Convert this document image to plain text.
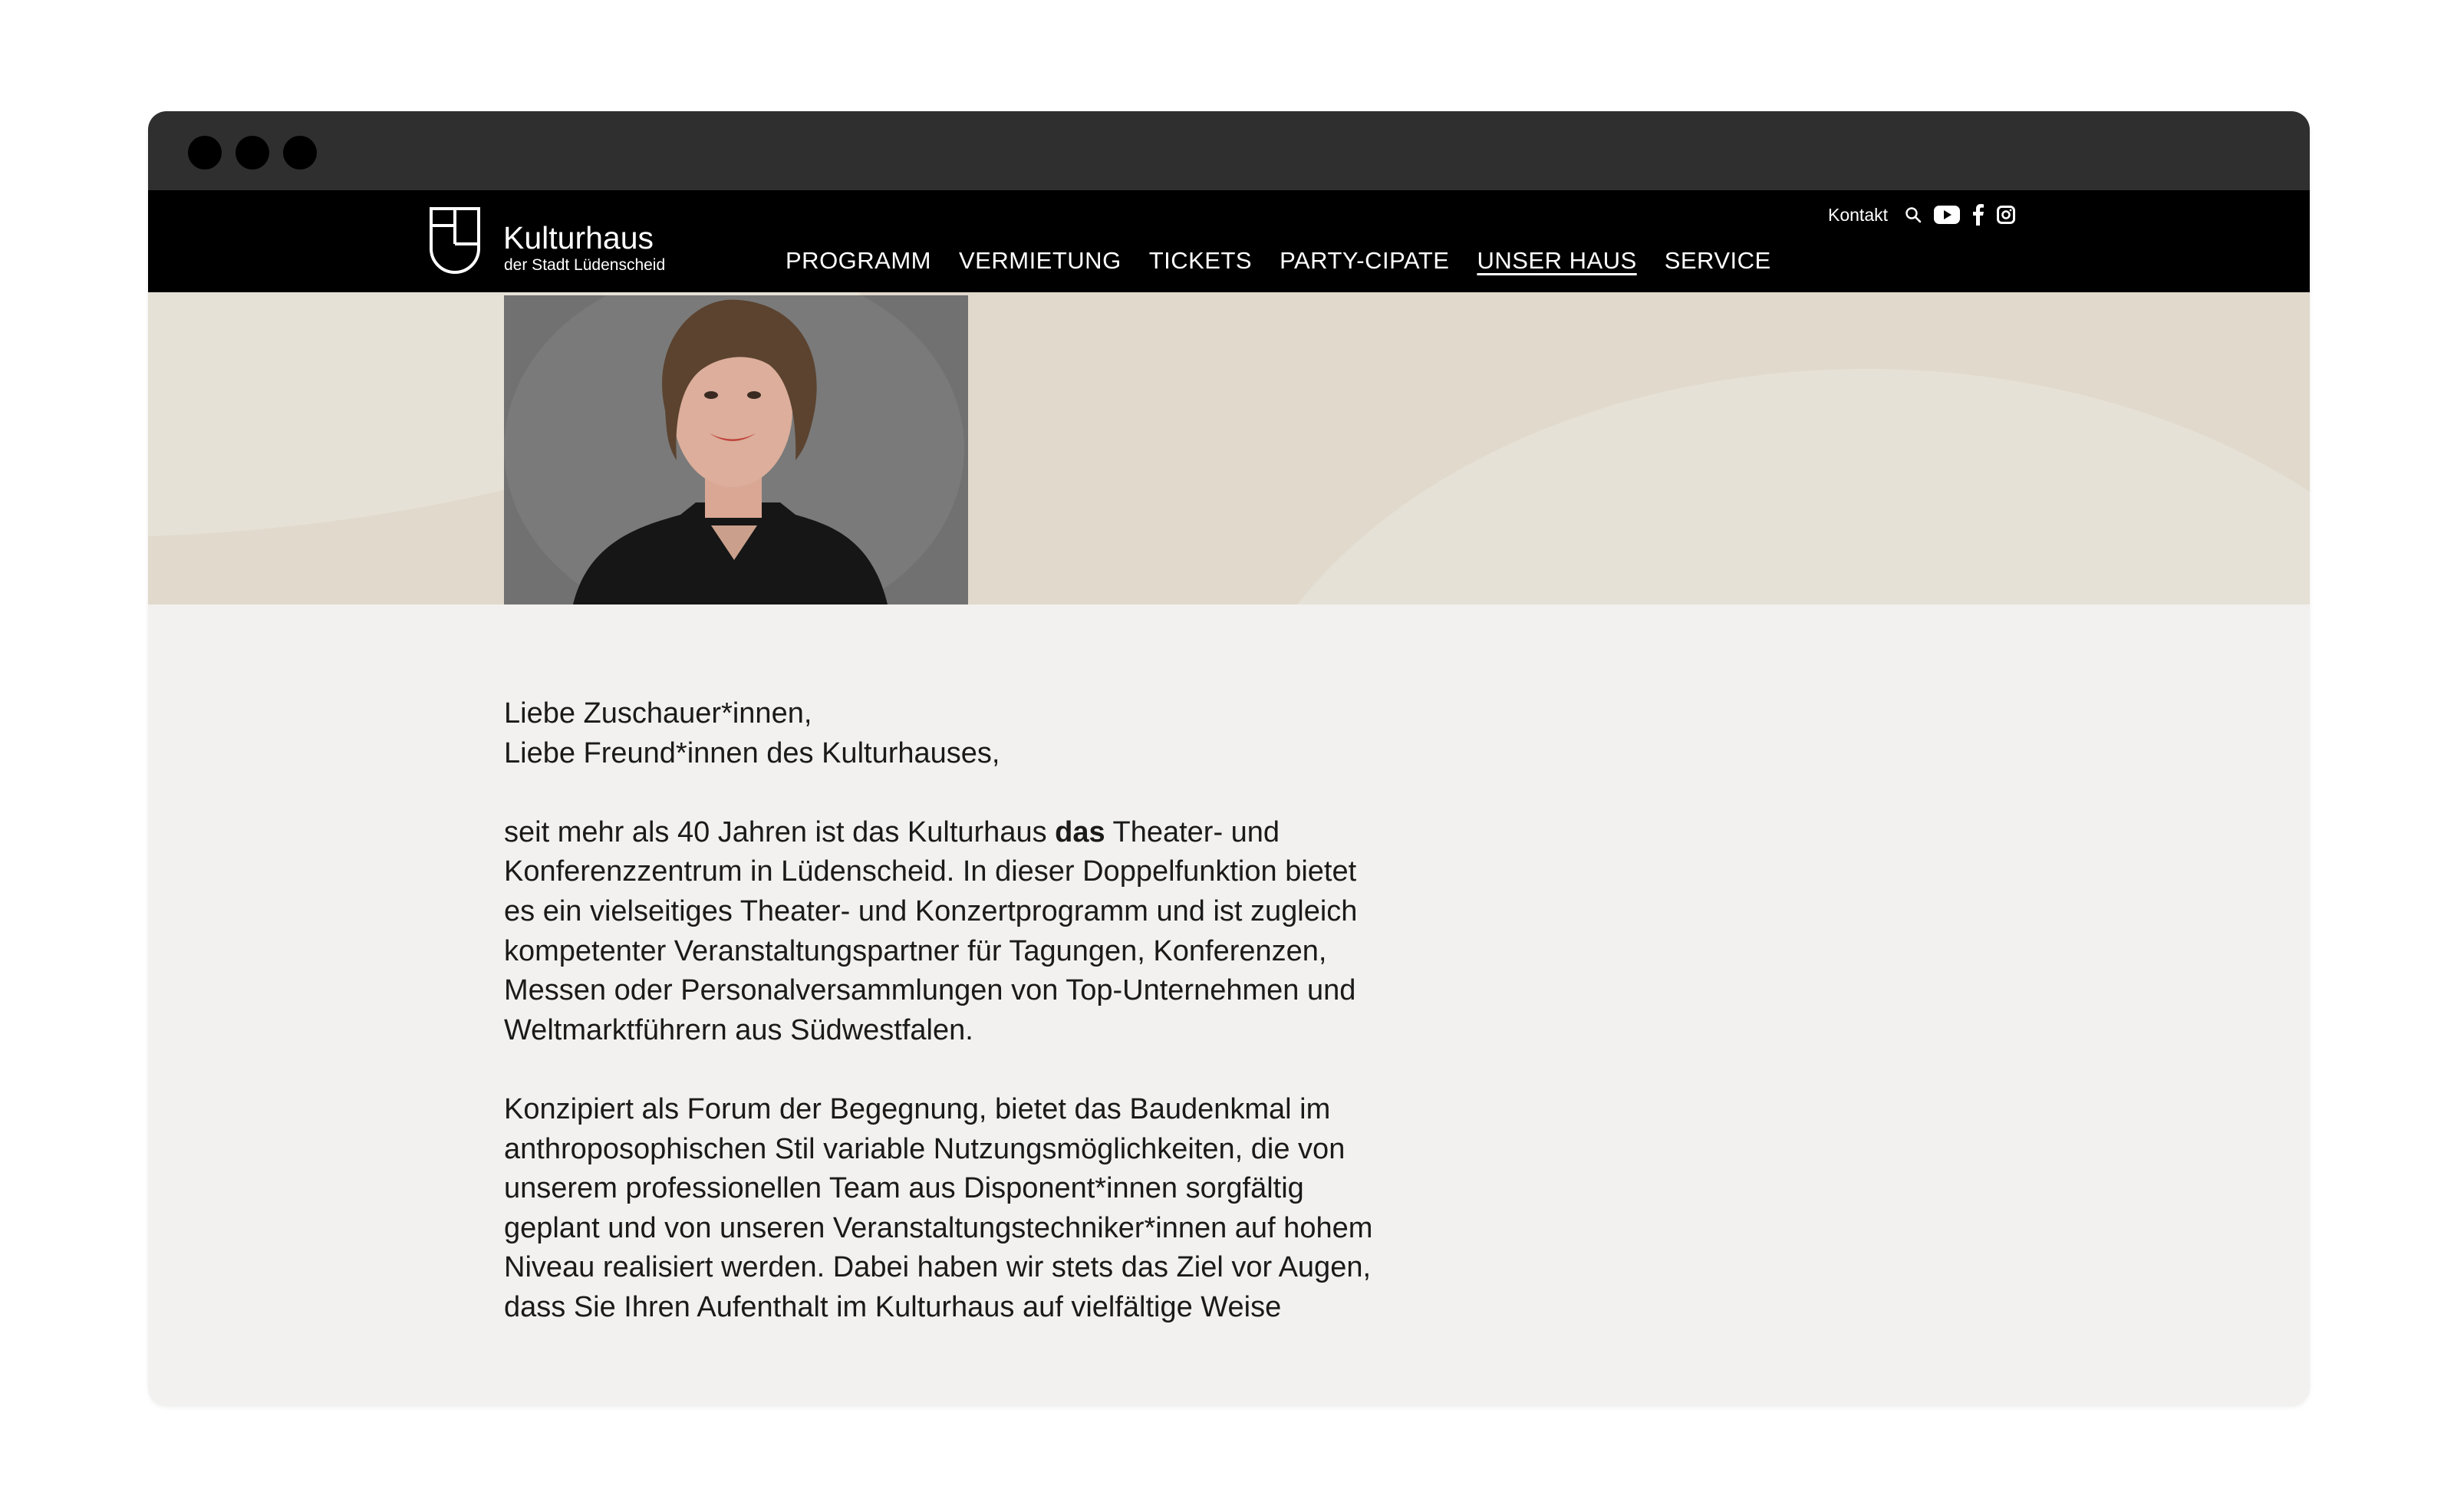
Kulturhaus
der Stadt Lüdenscheid	PROGRAMM VERMIETUNG TICKETS PARTY-CIPATE UNSER HAUS SERVICE
Kontakt

Liebe Zuschauer*innen,
Liebe Freund*innen des Kulturhauses,

seit mehr als 40 Jahren ist das Kulturhaus das Theater- und Konferenzzentrum in Lüdenscheid. In dieser Doppelfunktion bietet es ein vielseitiges Theater- und Konzertprogramm und ist zugleich kompetenter Veranstaltungspartner für Tagungen, Konferenzen, Messen oder Personalversammlungen von Top-Unternehmen und Weltmarktführern aus Südwestfalen.

Konzipiert als Forum der Begegnung, bietet das Baudenkmal im anthroposophischen Stil variable Nutzungsmöglichkeiten, die von unserem professionellen Team aus Disponent*innen sorgfältig geplant und von unseren Veranstaltungstechniker*innen auf hohem Niveau realisiert werden. Dabei haben wir stets das Ziel vor Augen, dass Sie Ihren Aufenthalt im Kulturhaus auf vielfältige Weise
